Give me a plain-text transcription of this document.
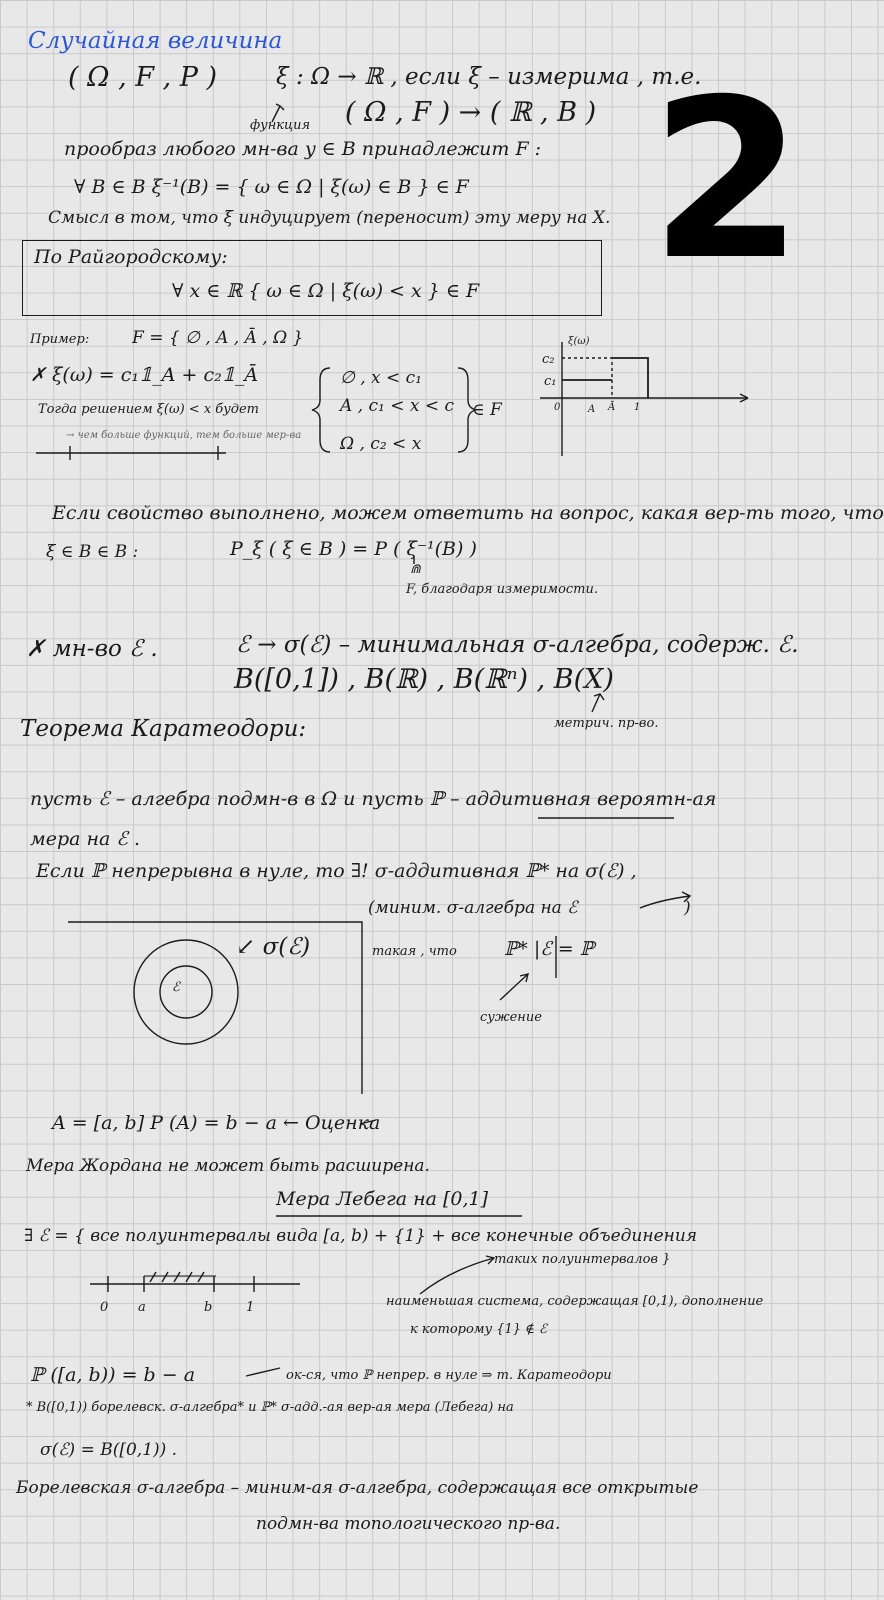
Случайная величина
2
( Ω , F , P )	ξ : Ω → ℝ , если ξ – измерима , т.е.
( Ω , F ) → ( ℝ , B )
функция
прообраз любого мн-ва y ∈ B принадлежит F :
∀ B ∈ B ξ⁻¹(B) = { ω ∈ Ω | ξ(ω) ∈ B } ∈ F
Смысл в том, что ξ индуцирует (переносит) эту меру на X.
По Райгородскому:
∀ x ∈ ℝ { ω ∈ Ω | ξ(ω) < x } ∈ F
Пример:	F = { ∅ , A , Ā , Ω }
✗ ξ(ω) = c₁𝟙_A + c₂𝟙_Ā
Тогда решением ξ(ω) < x будет
→ чем больше функций, тем больше мер-ва
∅ , x < c₁
A , c₁ < x < c
Ω , c₂ < x
∈ F
ξ(ω)
c₂
c₁
0	A Ā 1
Если свойство выполнено, можем ответить на вопрос, какая вер-ть того, что
ξ ∈ B ∈ B :	P_ξ ( ξ ∈ B ) = P ( ξ⁻¹(B) )
⋒
F, благодаря измеримости.
✗ мн-во ℰ .	ℰ → σ(ℰ) – минимальная σ-алгебра, содерж. ℰ.
B([0,1]) , B(ℝ) , B(ℝⁿ) , B(X)
метрич. пр-во.
Теорема Каратеодори:
пусть ℰ – алгебра подмн-в в Ω и пусть ℙ – аддитивная вероятн-ая
мера на ℰ .
Если ℙ непрерывна в нуле, то ∃! σ-аддитивная ℙ* на σ(ℰ) ,
(миним. σ-алгебра на ℰ	)
↙ σ(ℰ)
ℰ
такая , что ℙ* |ℰ = ℙ
сужение
A = [a, b] P (A) = b − a ← Оценка
Мера Жордана не может быть расширена.
Мера Лебега на [0,1]
∃ ℰ = { все полуинтервалы вида [a, b) + {1} + все конечные объединения
таких полуинтервалов }
0 a	b	1	наименьшая система, содержащая [0,1), дополнение
к которому {1} ∉ ℰ
ℙ ([a, b)) = b − a	ок-ся, что ℙ непрер. в нуле ⇒ т. Каратеодори
* B([0,1)) борелевск. σ-алгебра* и ℙ* σ-адд.-ая вер-ая мера (Лебега) на
σ(ℰ) = B([0,1)) .
Борелевская σ-алгебра – миним-ая σ-алгебра, содержащая все открытые
подмн-ва топологического пр-ва.
